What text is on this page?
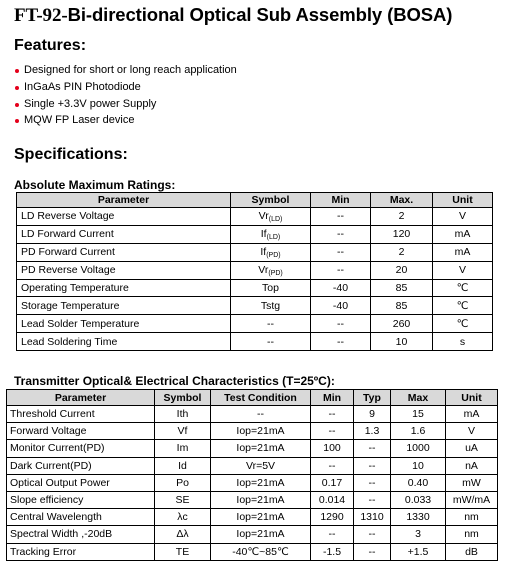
FT-92-Bi-directional Optical Sub Assembly (BOSA)
Features:
Designed for short or long reach application
InGaAs PIN Photodiode
Single +3.3V power Supply
MQW FP Laser device
Specifications:
Absolute Maximum Ratings:
Parameter	Symbol	Min	Max.	Unit
LD Reverse Voltage	$Vr_{(LD)}$	--	2	V
LD Forward Current	$If_{(LD)}$	--	120	mA
PD Forward Current	$If_{(PD)}$	--	2	mA
PD Reverse Voltage	$Vr_{(PD)}$	--	20	V
Operating Temperature	Top	-40	85	℃
Storage Temperature	Tstg	-40	85	℃
Lead Solder Temperature	--	--	260	℃
Lead Soldering Time	--	--	10	s
Transmitter Optical& Electrical Characteristics (T=25ºC):
Parameter	Symbol	Test Condition	Min	Typ	Max	Unit
Threshold Current	Ith	--	--	9	15	mA
Forward Voltage	Vf	Iop=21mA	--	1.3	1.6	V
Monitor Current(PD)	Im	Iop=21mA	100	--	1000	uA
Dark Current(PD)	Id	Vr=5V	--	--	10	nA
Optical Output Power	Po	Iop=21mA	0.17	--	0.40	mW
Slope efficiency	SE	Iop=21mA	0.014	--	0.033	mW/mA
Central Wavelength	λc	Iop=21mA	1290	1310	1330	nm
Spectral Width ,-20dB	Δλ	Iop=21mA	--	--	3	nm
Tracking Error	TE	-40℃~85℃	-1.5	--	+1.5	dB
